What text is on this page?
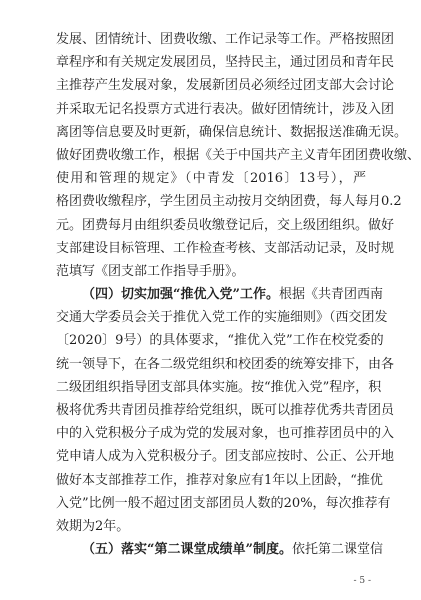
发展、团情统计、团费收缴、工作记录等工作。严格按照团
章程序和有关规定发展团员，坚持民主，通过团员和青年民
主推荐产生发展对象，发展新团员必须经过团支部大会讨论
并采取无记名投票方式进行表决。做好团情统计，涉及入团
离团等信息要及时更新，确保信息统计、数据报送准确无误。
做好团费收缴工作，根据《关于中国共产主义青年团团费收缴、
使用和管理的规定》（中青发〔2016〕13号），严
格团费收缴程序，学生团员主动按月交纳团费，每人每月0.2
元。团费每月由组织委员收缴登记后，交上级团组织。做好
支部建设目标管理、工作检查考核、支部活动记录，及时规
范填写《团支部工作指导手册》。
（四）切实加强“推优入党”工作。根据《共青团西南
交通大学委员会关于推优入党工作的实施细则》（西交团发
〔2020〕9号）的具体要求，“推优入党”工作在校党委的
统一领导下，在各二级党组织和校团委的统筹安排下，由各
二级团组织指导团支部具体实施。按“推优入党”程序，积
极将优秀共青团员推荐给党组织，既可以推荐优秀共青团员
中的入党积极分子成为党的发展对象，也可推荐团员中的入
党申请人成为入党积极分子。团支部应按时、公正、公开地
做好本支部推荐工作，推荐对象应有1年以上团龄，“推优
入党”比例一般不超过团支部团员人数的20%，每次推荐有
效期为2年。
（五）落实“第二课堂成绩单”制度。依托第二课堂信
- 5 -
